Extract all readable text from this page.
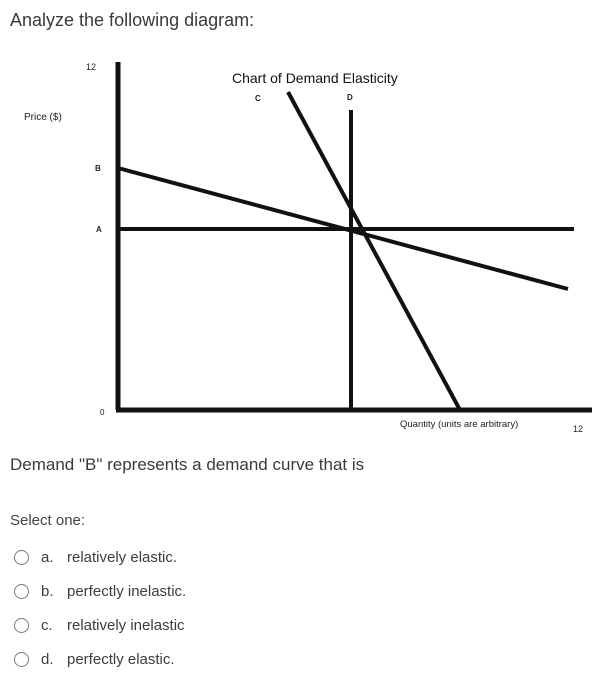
Analyze the following diagram:
Chart of Demand Elasticity
Price ($)
Quantity (units are arbitrary)
12
12
0
B
A
C	D
Demand "B" represents a demand curve that is
Select one:
a. relatively elastic.
b. perfectly inelastic.
c. relatively inelastic
d. perfectly elastic.
